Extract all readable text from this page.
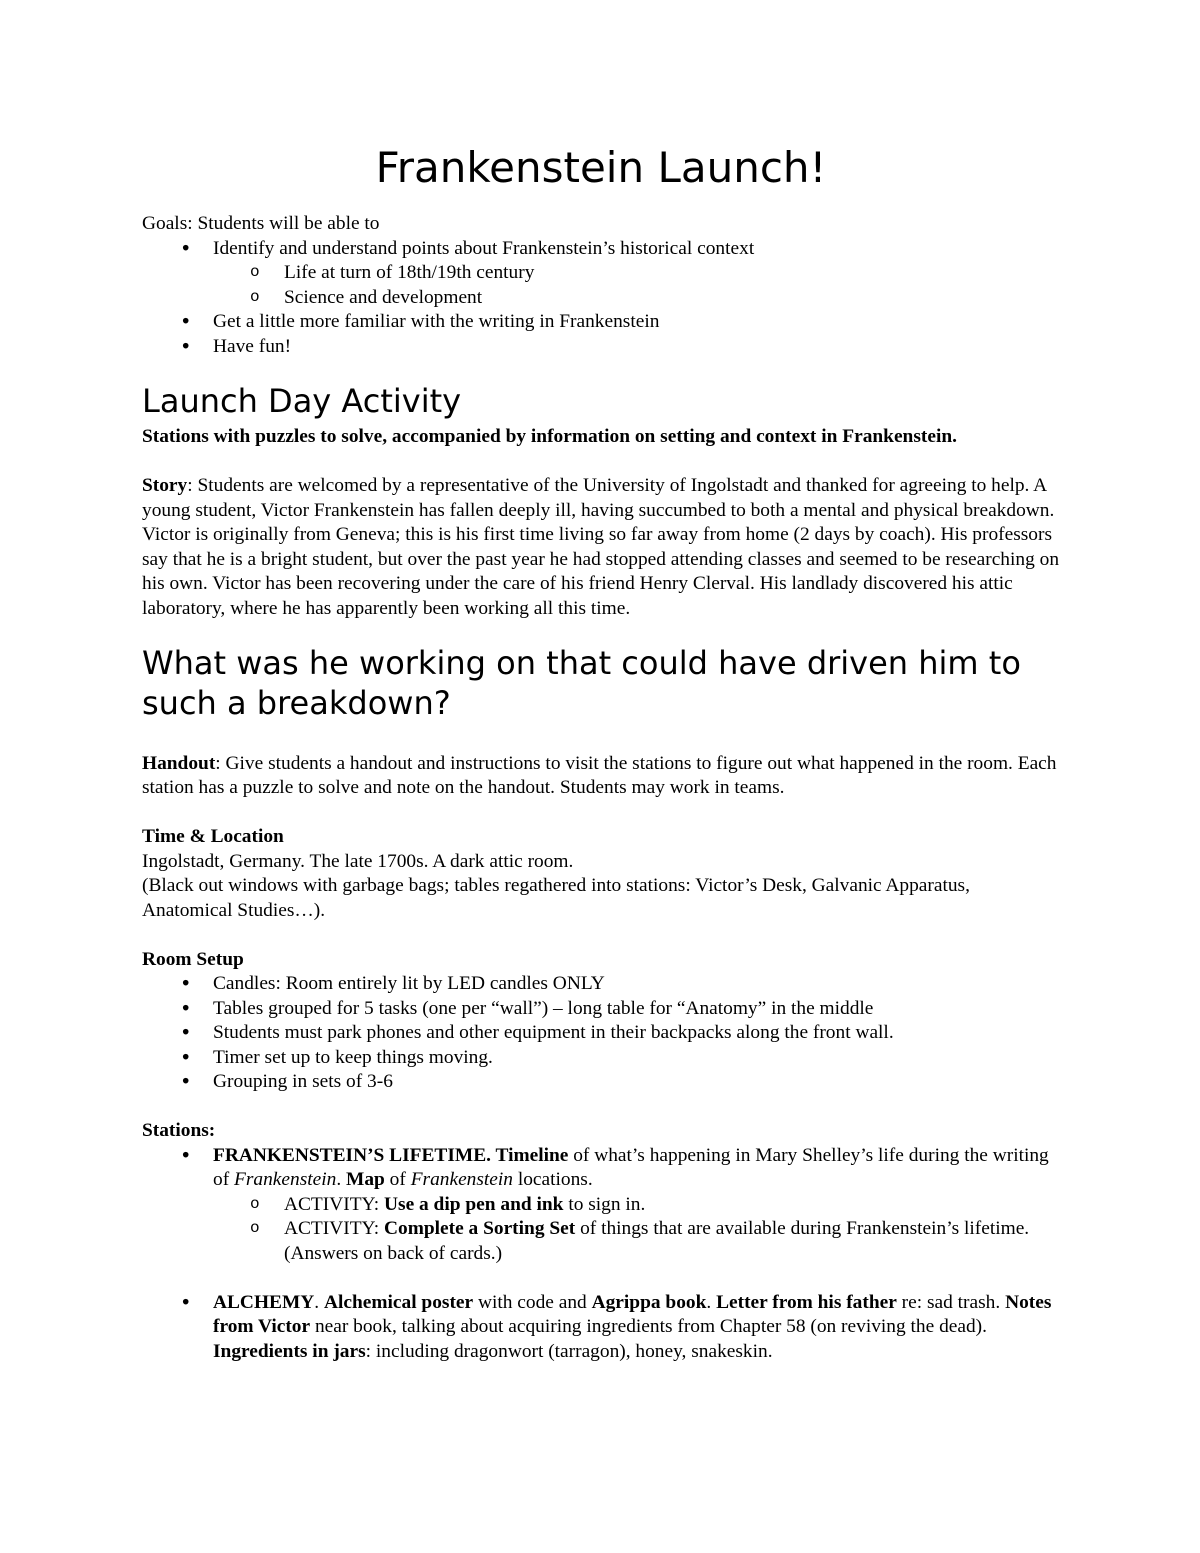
Frankenstein Launch!
Goals: Students will be able to
• Identify and understand points about Frankenstein’s historical context
o Life at turn of 18th/19th century
o Science and development
• Get a little more familiar with the writing in Frankenstein
• Have fun!
Launch Day Activity
Stations with puzzles to solve, accompanied by information on setting and context in Frankenstein.
Story: Students are welcomed by a representative of the University of Ingolstadt and thanked for agreeing to help. A young student, Victor Frankenstein has fallen deeply ill, having succumbed to both a mental and physical breakdown. Victor is originally from Geneva; this is his first time living so far away from home (2 days by coach). His professors say that he is a bright student, but over the past year he had stopped attending classes and seemed to be researching on his own. Victor has been recovering under the care of his friend Henry Clerval. His landlady discovered his attic laboratory, where he has apparently been working all this time.
What was he working on that could have driven him to such a breakdown?
Handout: Give students a handout and instructions to visit the stations to figure out what happened in the room. Each station has a puzzle to solve and note on the handout. Students may work in teams.
Time & Location
Ingolstadt, Germany. The late 1700s. A dark attic room.
(Black out windows with garbage bags; tables regathered into stations: Victor’s Desk, Galvanic Apparatus, Anatomical Studies…).
Room Setup
• Candles: Room entirely lit by LED candles ONLY
• Tables grouped for 5 tasks (one per “wall”) – long table for “Anatomy” in the middle
• Students must park phones and other equipment in their backpacks along the front wall.
• Timer set up to keep things moving.
• Grouping in sets of 3-6
Stations:
• FRANKENSTEIN’S LIFETIME. Timeline of what’s happening in Mary Shelley’s life during the writing of Frankenstein. Map of Frankenstein locations.
o ACTIVITY: Use a dip pen and ink to sign in.
o ACTIVITY: Complete a Sorting Set of things that are available during Frankenstein’s lifetime. (Answers on back of cards.)
• ALCHEMY. Alchemical poster with code and Agrippa book. Letter from his father re: sad trash. Notes from Victor near book, talking about acquiring ingredients from Chapter 58 (on reviving the dead). Ingredients in jars: including dragonwort (tarragon), honey, snakeskin.
